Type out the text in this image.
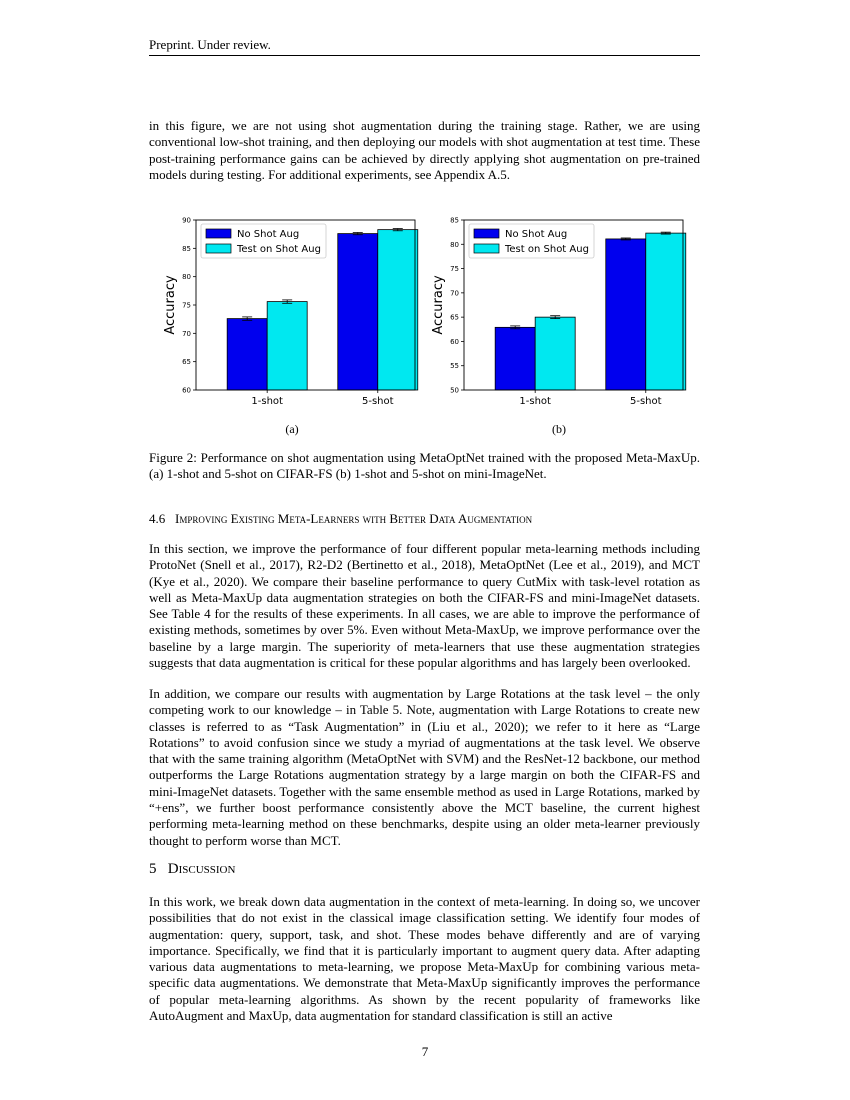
Preprint. Under review.

in this figure, we are not using shot augmentation during the training stage. Rather, we are using conventional low-shot training, and then deploying our models with shot augmentation at test time. These post-training performance gains can be achieved by directly applying shot augmentation on pre-trained models during testing. For additional experiments, see Appendix A.5.

Accuracy
60
65
70
75
80
85
90
1-shot	5-shot
No Shot Aug
Test on Shot Aug
Accuracy
50
55
60
65
70
75
80
85
1-shot	5-shot
No Shot Aug
Test on Shot Aug
(a)	(b)

Figure 2: Performance on shot augmentation using MetaOptNet trained with the proposed Meta-MaxUp. (a) 1-shot and 5-shot on CIFAR-FS (b) 1-shot and 5-shot on mini-ImageNet.

4.6 Improving Existing Meta-Learners with Better Data Augmentation

In this section, we improve the performance of four different popular meta-learning methods including ProtoNet (Snell et al., 2017), R2-D2 (Bertinetto et al., 2018), MetaOptNet (Lee et al., 2019), and MCT (Kye et al., 2020). We compare their baseline performance to query CutMix with task-level rotation as well as Meta-MaxUp data augmentation strategies on both the CIFAR-FS and mini-ImageNet datasets. See Table 4 for the results of these experiments. In all cases, we are able to improve the performance of existing methods, sometimes by over 5%. Even without Meta-MaxUp, we improve performance over the baseline by a large margin. The superiority of meta-learners that use these augmentation strategies suggests that data augmentation is critical for these popular algorithms and has largely been overlooked.

In addition, we compare our results with augmentation by Large Rotations at the task level – the only competing work to our knowledge – in Table 5. Note, augmentation with Large Rotations to create new classes is referred to as “Task Augmentation” in (Liu et al., 2020); we refer to it here as “Large Rotations” to avoid confusion since we study a myriad of augmentations at the task level. We observe that with the same training algorithm (MetaOptNet with SVM) and the ResNet-12 backbone, our method outperforms the Large Rotations augmentation strategy by a large margin on both the CIFAR-FS and mini-ImageNet datasets. Together with the same ensemble method as used in Large Rotations, marked by “+ens”, we further boost performance consistently above the MCT baseline, the current highest performing meta-learning method on these benchmarks, despite using an older meta-learner previously thought to perform worse than MCT.

5 Discussion

In this work, we break down data augmentation in the context of meta-learning. In doing so, we uncover possibilities that do not exist in the classical image classification setting. We identify four modes of augmentation: query, support, task, and shot. These modes behave differently and are of varying importance. Specifically, we find that it is particularly important to augment query data. After adapting various data augmentations to meta-learning, we propose Meta-MaxUp for combining various meta-specific data augmentations. We demonstrate that Meta-MaxUp significantly improves the performance of popular meta-learning algorithms. As shown by the recent popularity of frameworks like AutoAugment and MaxUp, data augmentation for standard classification is still an active

7
